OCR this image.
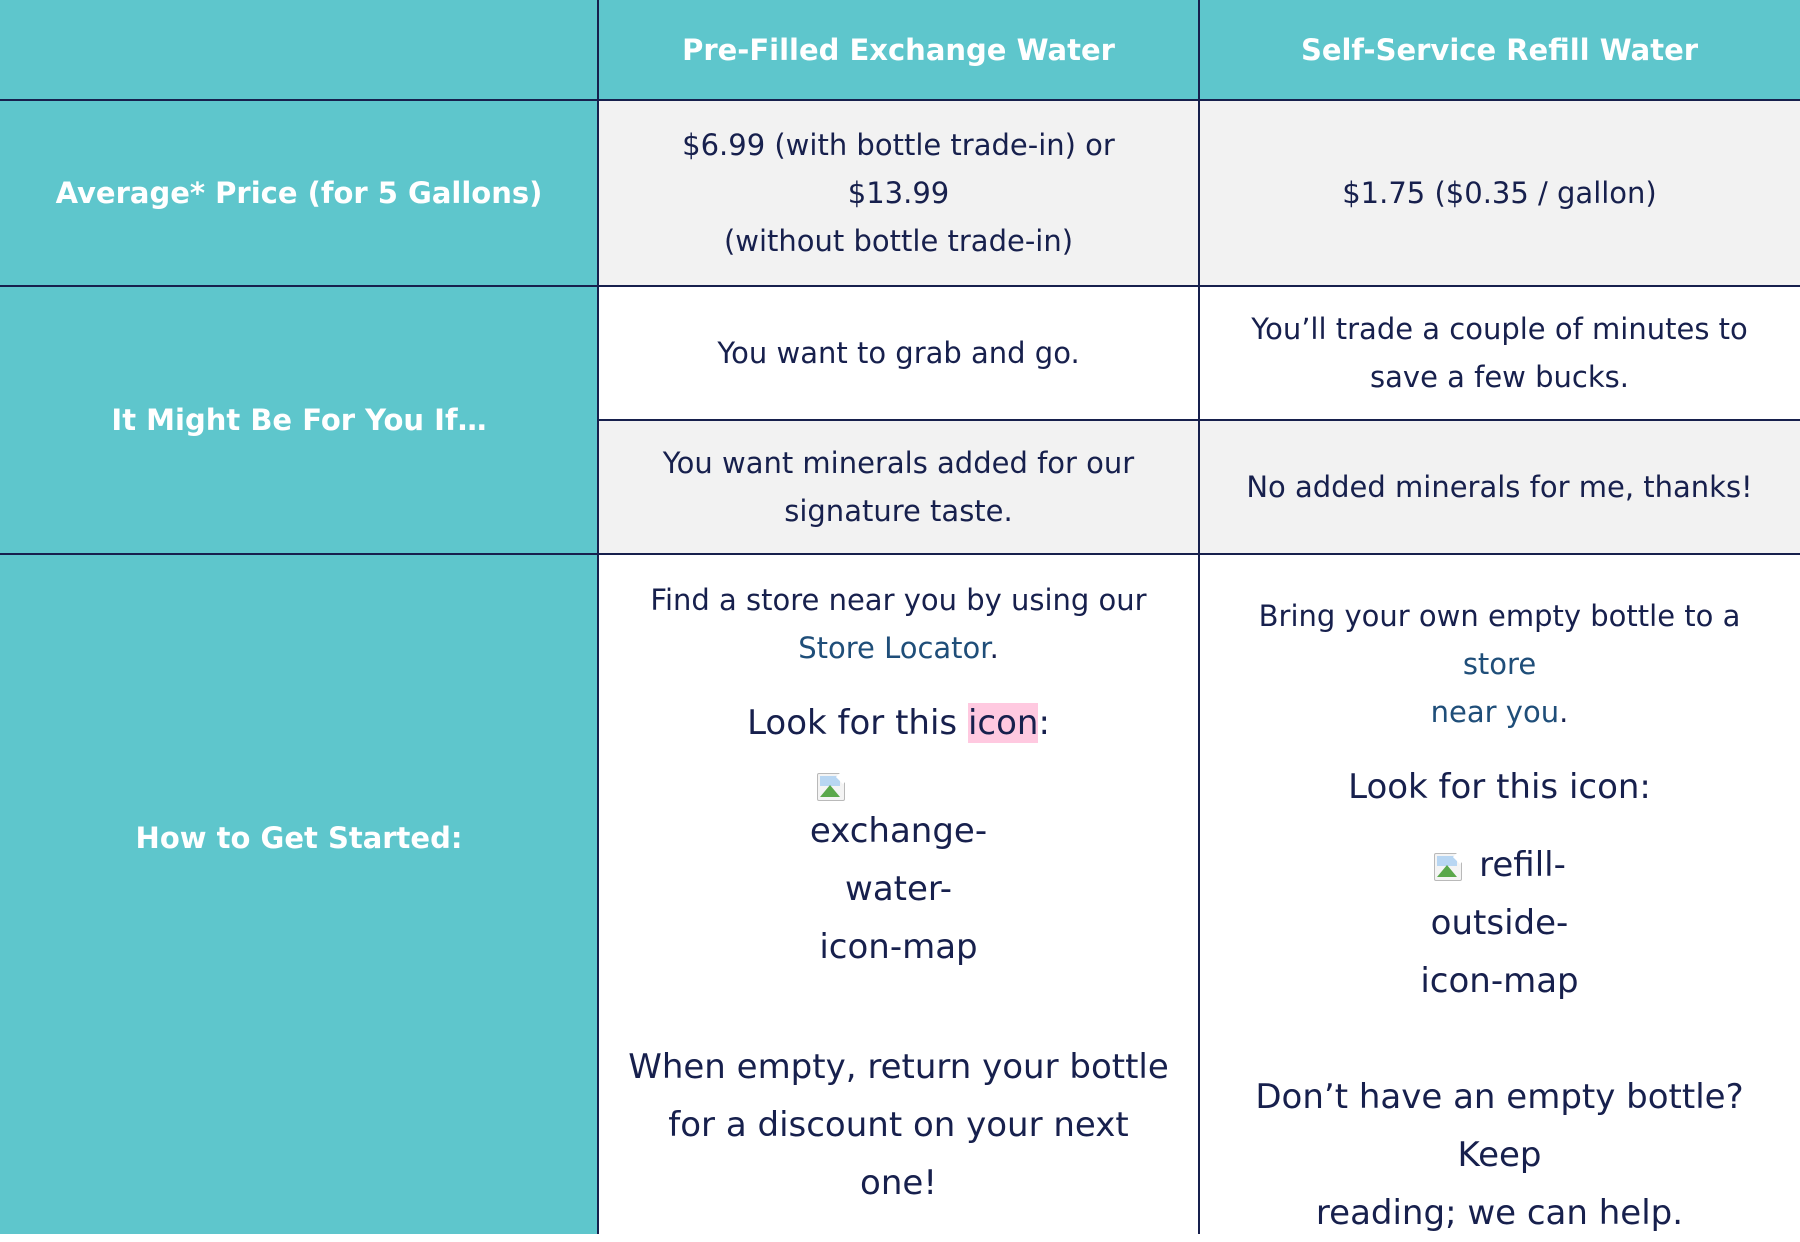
Pre-Filled Exchange Water	Self-Service Refill Water
Average* Price (for 5 Gallons)
$6.99 (with bottle trade-in) or $13.99
(without bottle trade-in)
$1.75 ($0.35 / gallon)
It Might Be For You If…
You want to grab and go.
You’ll trade a couple of minutes to
save a few bucks.
You want minerals added for our
signature taste.
No added minerals for me, thanks!
How to Get Started:
Find a store near you by using our
Store Locator.
Look for this icon:
exchange-
water-
icon-map
When empty, return your bottle
for a discount on your next one!
Bring your own empty bottle to a store
near you.
Look for this icon:
refill-
outside-
icon-map
Don’t have an empty bottle? Keep
reading; we can help.
